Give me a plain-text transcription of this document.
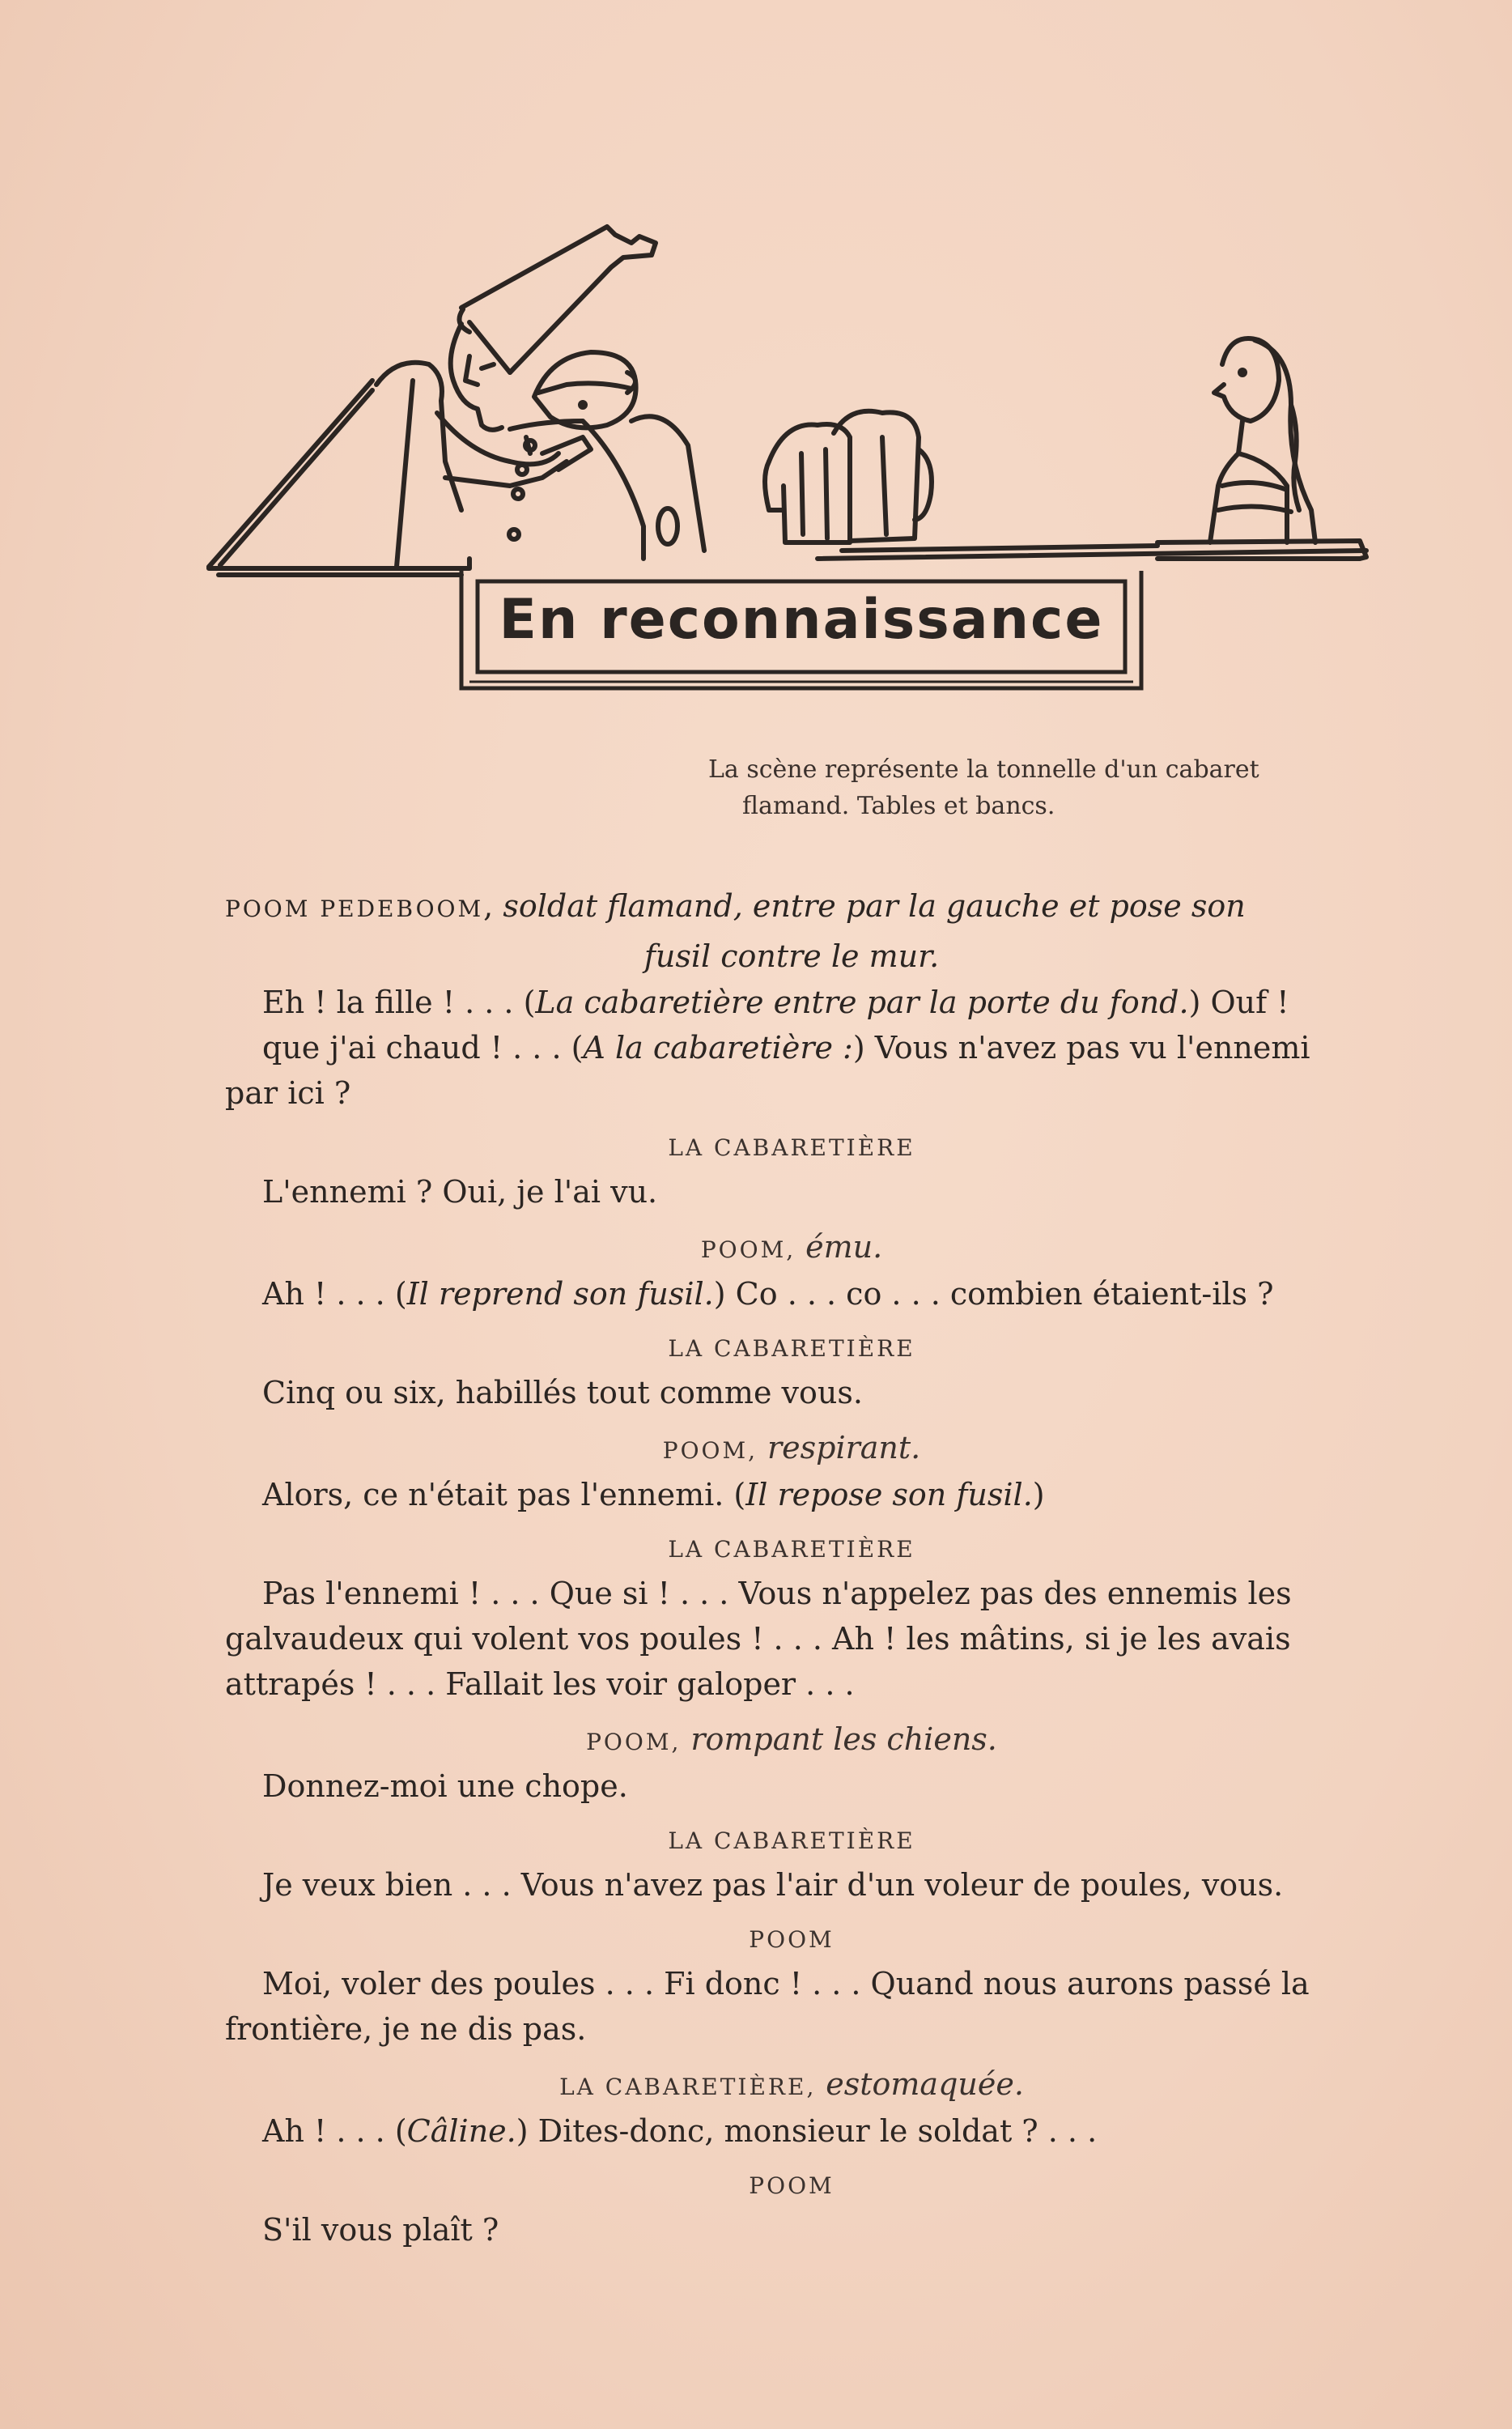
En reconnaissance
La scène représente la tonnelle d'un cabaret
flamand. Tables et bancs.
POOM PEDEBOOM, soldat flamand, entre par la gauche et pose son
fusil contre le mur.
Eh ! la fille ! . . . (La cabaretière entre par la porte du fond.) Ouf !
que j'ai chaud ! . . . (A la cabaretière :) Vous n'avez pas vu l'ennemi
par ici ?
LA CABARETIÈRE
L'ennemi ? Oui, je l'ai vu.
POOM, ému.
Ah ! . . . (Il reprend son fusil.) Co . . . co . . . combien étaient-ils ?
LA CABARETIÈRE
Cinq ou six, habillés tout comme vous.
POOM, respirant.
Alors, ce n'était pas l'ennemi. (Il repose son fusil.)
LA CABARETIÈRE
Pas l'ennemi ! . . . Que si ! . . . Vous n'appelez pas des ennemis les
galvaudeux qui volent vos poules ! . . . Ah ! les mâtins, si je les avais
attrapés ! . . . Fallait les voir galoper . . .
POOM, rompant les chiens.
Donnez-moi une chope.
LA CABARETIÈRE
Je veux bien . . . Vous n'avez pas l'air d'un voleur de poules, vous.
POOM
Moi, voler des poules . . . Fi donc ! . . . Quand nous aurons passé la
frontière, je ne dis pas.
LA CABARETIÈRE, estomaquée.
Ah ! . . . (Câline.) Dites-donc, monsieur le soldat ? . . .
POOM
S'il vous plaît ?
